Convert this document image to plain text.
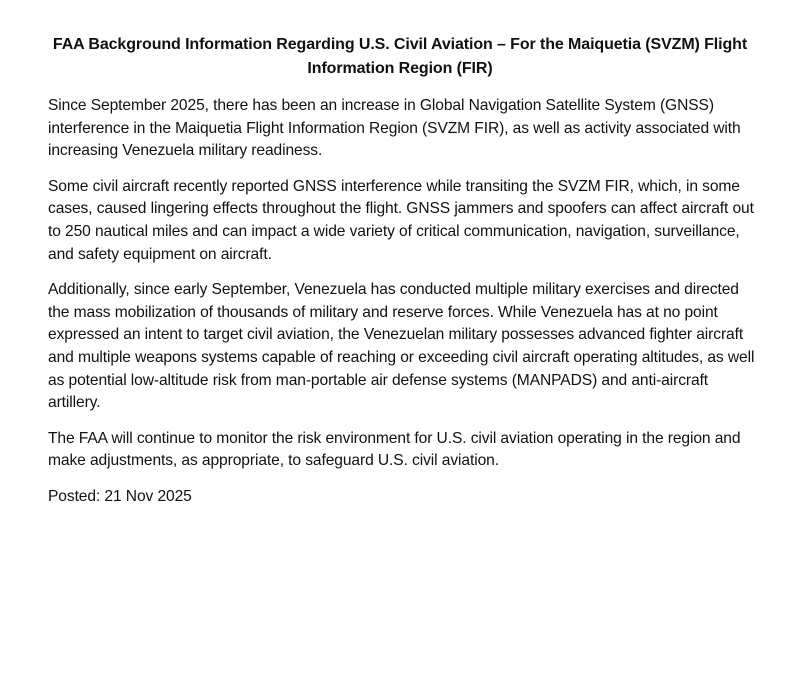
FAA Background Information Regarding U.S. Civil Aviation – For the Maiquetia (SVZM) Flight Information Region (FIR)

Since September 2025, there has been an increase in Global Navigation Satellite System (GNSS) interference in the Maiquetia Flight Information Region (SVZM FIR), as well as activity associated with increasing Venezuela military readiness.

Some civil aircraft recently reported GNSS interference while transiting the SVZM FIR, which, in some cases, caused lingering effects throughout the flight. GNSS jammers and spoofers can affect aircraft out to 250 nautical miles and can impact a wide variety of critical communication, navigation, surveillance, and safety equipment on aircraft.

Additionally, since early September, Venezuela has conducted multiple military exercises and directed the mass mobilization of thousands of military and reserve forces. While Venezuela has at no point expressed an intent to target civil aviation, the Venezuelan military possesses advanced fighter aircraft and multiple weapons systems capable of reaching or exceeding civil aircraft operating altitudes, as well as potential low-altitude risk from man-portable air defense systems (MANPADS) and anti-aircraft artillery.

The FAA will continue to monitor the risk environment for U.S. civil aviation operating in the region and make adjustments, as appropriate, to safeguard U.S. civil aviation.

Posted: 21 Nov 2025
